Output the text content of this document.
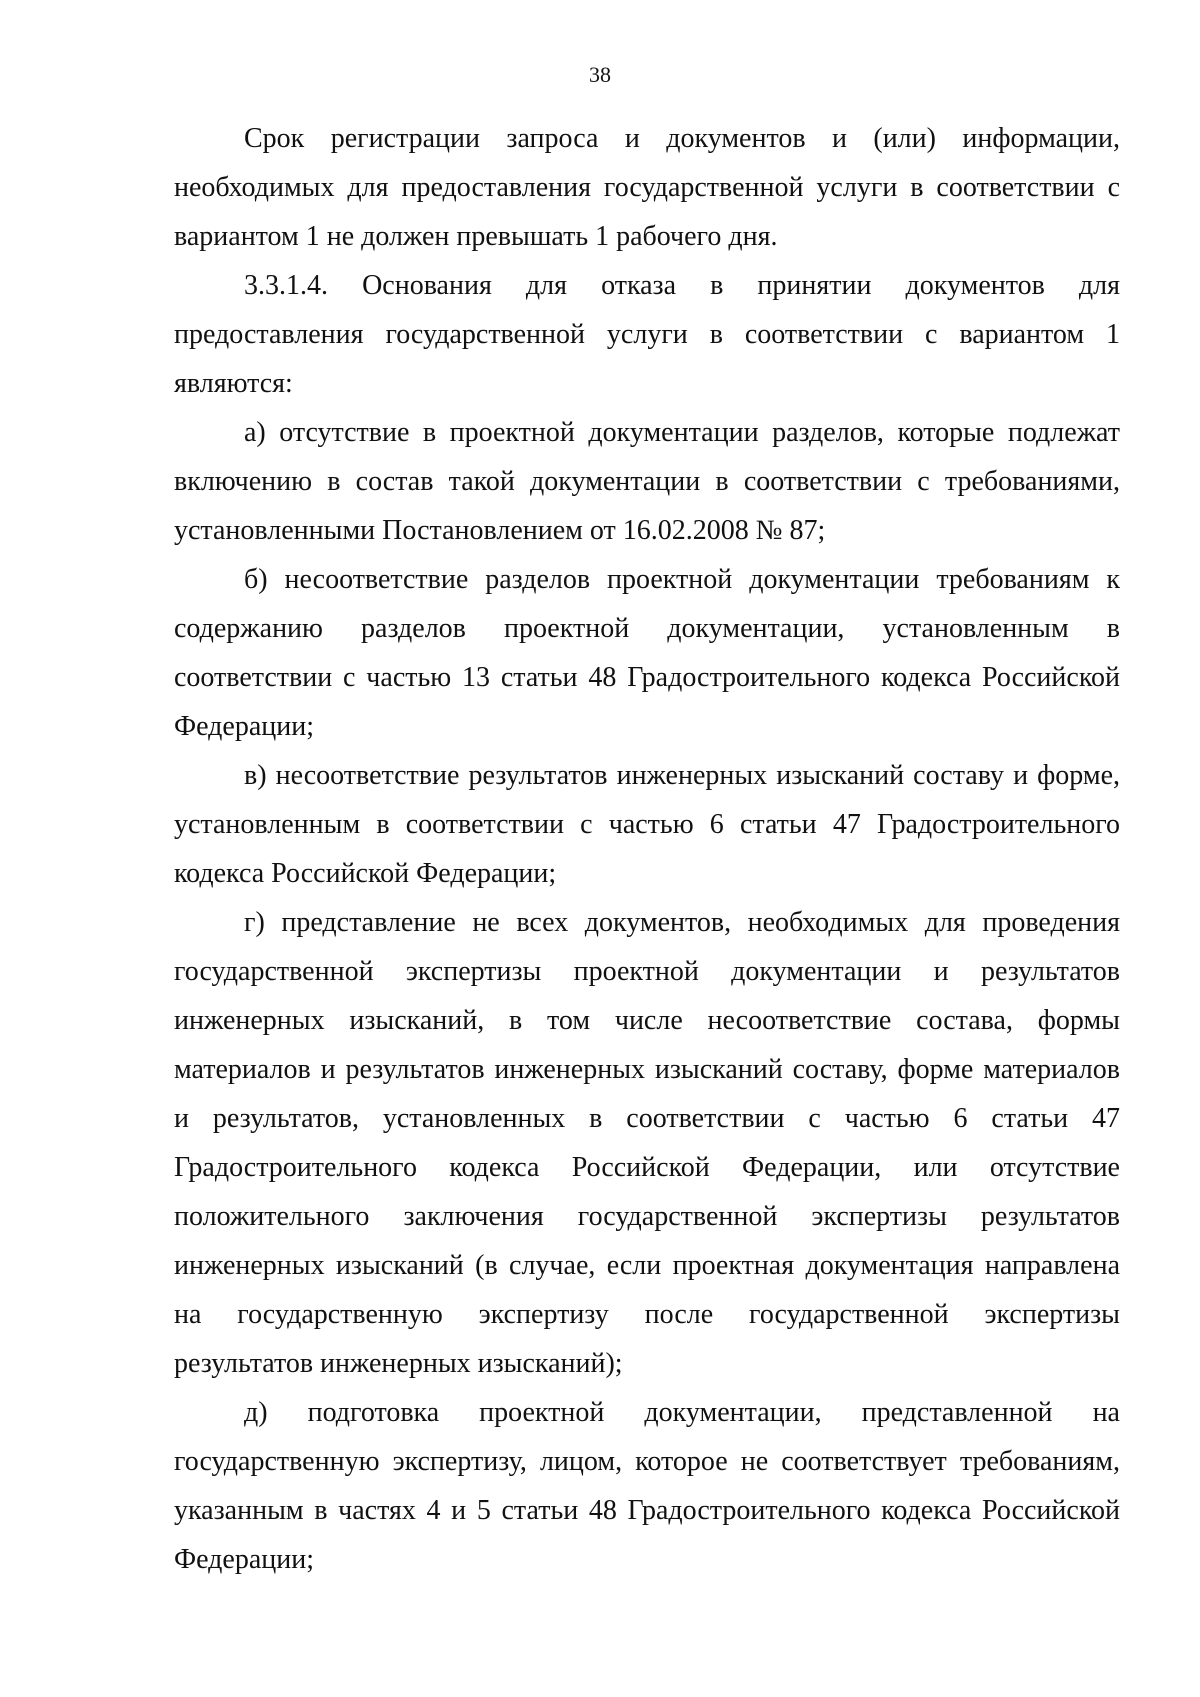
38

Срок регистрации запроса и документов и (или) информации, необходимых для предоставления государственной услуги в соответствии с вариантом 1 не должен превышать 1 рабочего дня.

3.3.1.4. Основания для отказа в принятии документов для предоставления государственной услуги в соответствии с вариантом 1 являются:

а) отсутствие в проектной документации разделов, которые подлежат включению в состав такой документации в соответствии с требованиями, установленными Постановлением от 16.02.2008 № 87;

б) несоответствие разделов проектной документации требованиям к содержанию разделов проектной документации, установленным в соответствии с частью 13 статьи 48 Градостроительного кодекса Российской Федерации;

в) несоответствие результатов инженерных изысканий составу и форме, установленным в соответствии с частью 6 статьи 47 Градостроительного кодекса Российской Федерации;

г) представление не всех документов, необходимых для проведения государственной экспертизы проектной документации и результатов инженерных изысканий, в том числе несоответствие состава, формы материалов и результатов инженерных изысканий составу, форме материалов и результатов, установленных в соответствии с частью 6 статьи 47 Градостроительного кодекса Российской Федерации, или отсутствие положительного заключения государственной экспертизы результатов инженерных изысканий (в случае, если проектная документация направлена на государственную экспертизу после государственной экспертизы результатов инженерных изысканий);

д) подготовка проектной документации, представленной на государственную экспертизу, лицом, которое не соответствует требованиям, указанным в частях 4 и 5 статьи 48 Градостроительного кодекса Российской Федерации;
